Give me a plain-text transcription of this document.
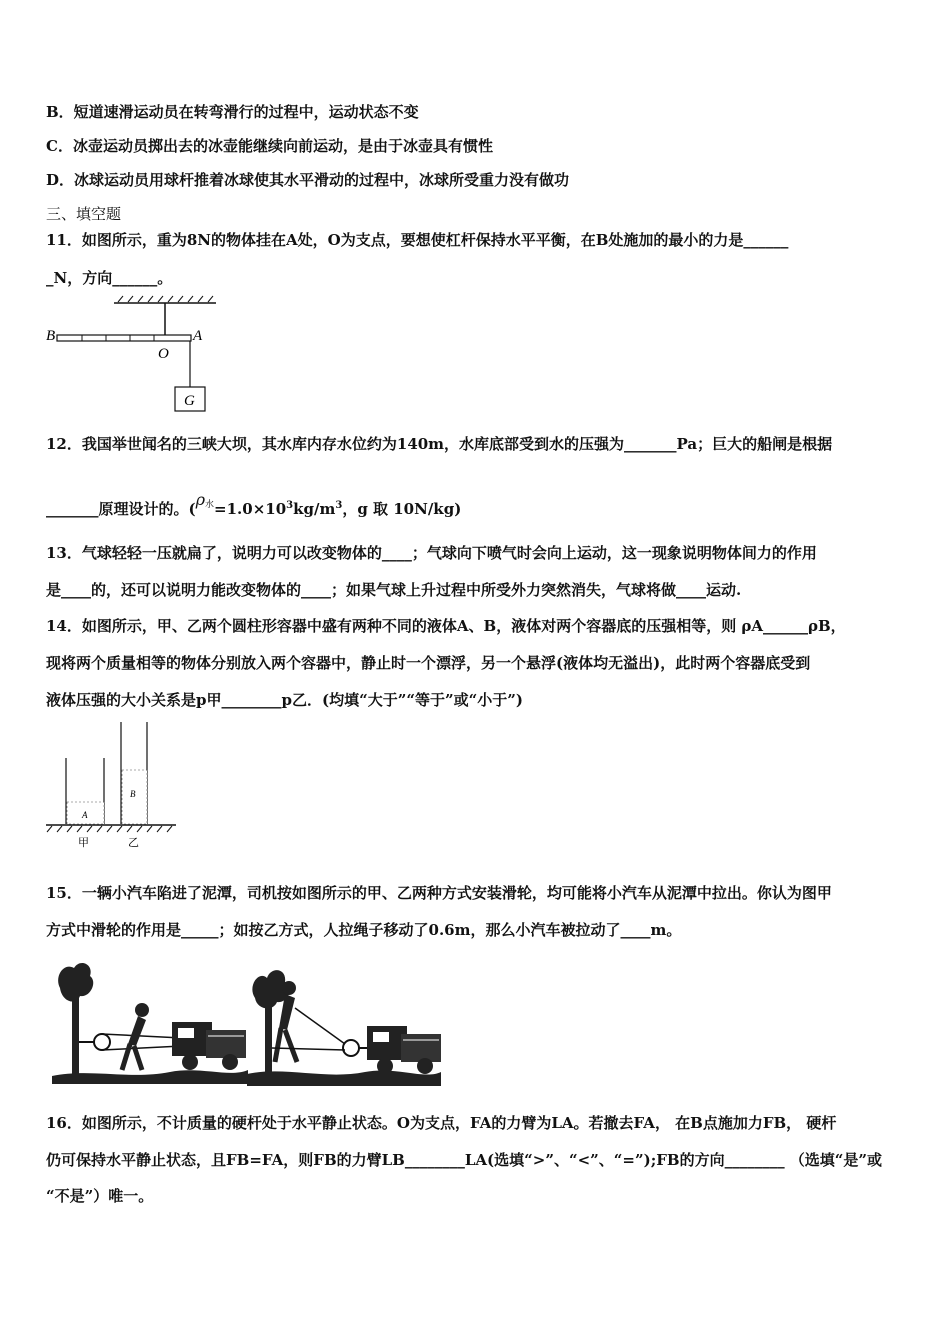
B．短道速滑运动员在转弯滑行的过程中，运动状态不变
C．冰壶运动员掷出去的冰壶能继续向前运动，是由于冰壶具有惯性
D．冰球运动员用球杆推着冰球使其水平滑动的过程中，冰球所受重力没有做功
三、填空题
11．如图所示，重为8N的物体挂在A处，O为支点，要想使杠杆保持水平平衡，在B处施加的最小的力是______
_N，方向______。
B
O
A
G
12．我国举世闻名的三峡大坝，其水库内存水位约为140m，水库底部受到水的压强为_______Pa；巨大的船闸是根据
_______原理设计的。($\rho^水=1.0\times 10^3kg/m^3$，g 取 10N/kg)
13．气球轻轻一压就扁了，说明力可以改变物体的____；气球向下喷气时会向上运动，这一现象说明物体间力的作用
是____的，还可以说明力能改变物体的____；如果气球上升过程中所受外力突然消失，气球将做____运动.
14．如图所示，甲、乙两个圆柱形容器中盛有两种不同的液体A、B，液体对两个容器底的压强相等，则 ρA______ρB，
现将两个质量相等的物体分别放入两个容器中，静止时一个漂浮，另一个悬浮(液体均无溢出)，此时两个容器底受到
液体压强的大小关系是p甲________p乙．(均填“大于”“等于”或“小于”)
A
B
甲	乙
15．一辆小汽车陷进了泥潭，司机按如图所示的甲、乙两种方式安装滑轮，均可能将小汽车从泥潭中拉出。你认为图甲
方式中滑轮的作用是_____；如按乙方式，人拉绳子移动了0.6m，那么小汽车被拉动了____m。
16．如图所示，不计质量的硬杆处于水平静止状态。O为支点，FA的力臂为LA。若撤去FA， 在B点施加力FB， 硬杆
仍可保持水平静止状态，且FB=FA，则FB的力臂LB________LA(选填“>”、“<”、“=”);FB的方向________ （选填“是”或
“不是”）唯一。
